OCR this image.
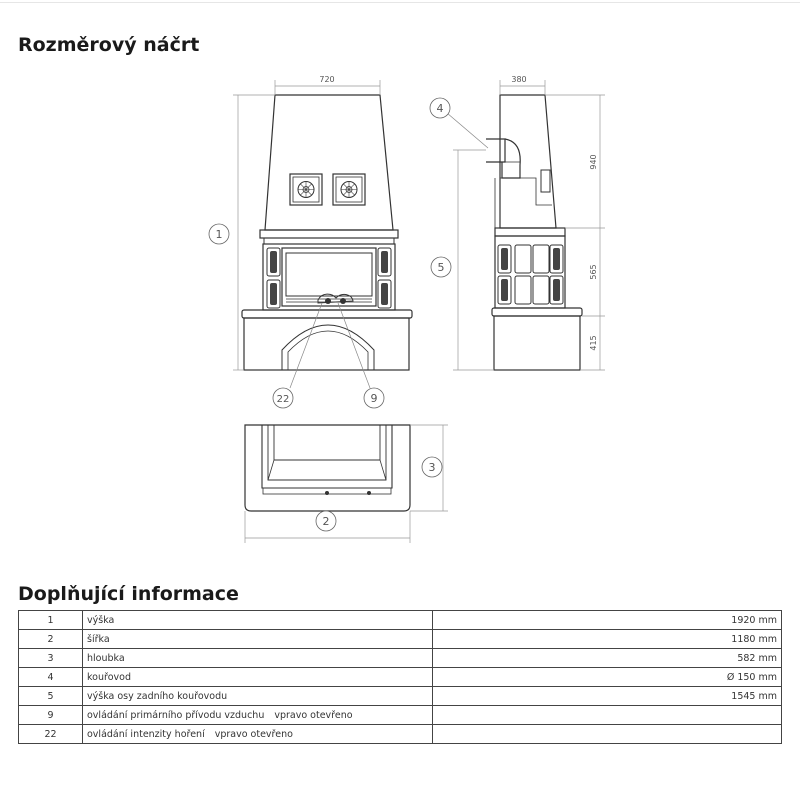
Rozměrový náčrt
720
1
22	9
380
940
565
415
4
5
2
3
Doplňující informace
1	výška	1920 mm
2	šířka	1180 mm
3	hloubka	582 mm
4	kouřovod	Ø 150 mm
5	výška osy zadního kouřovodu	1545 mm
9	ovládání primárního přívodu vzduchu vpravo otevřeno	
22	ovládání intenzity hoření vpravo otevřeno	
